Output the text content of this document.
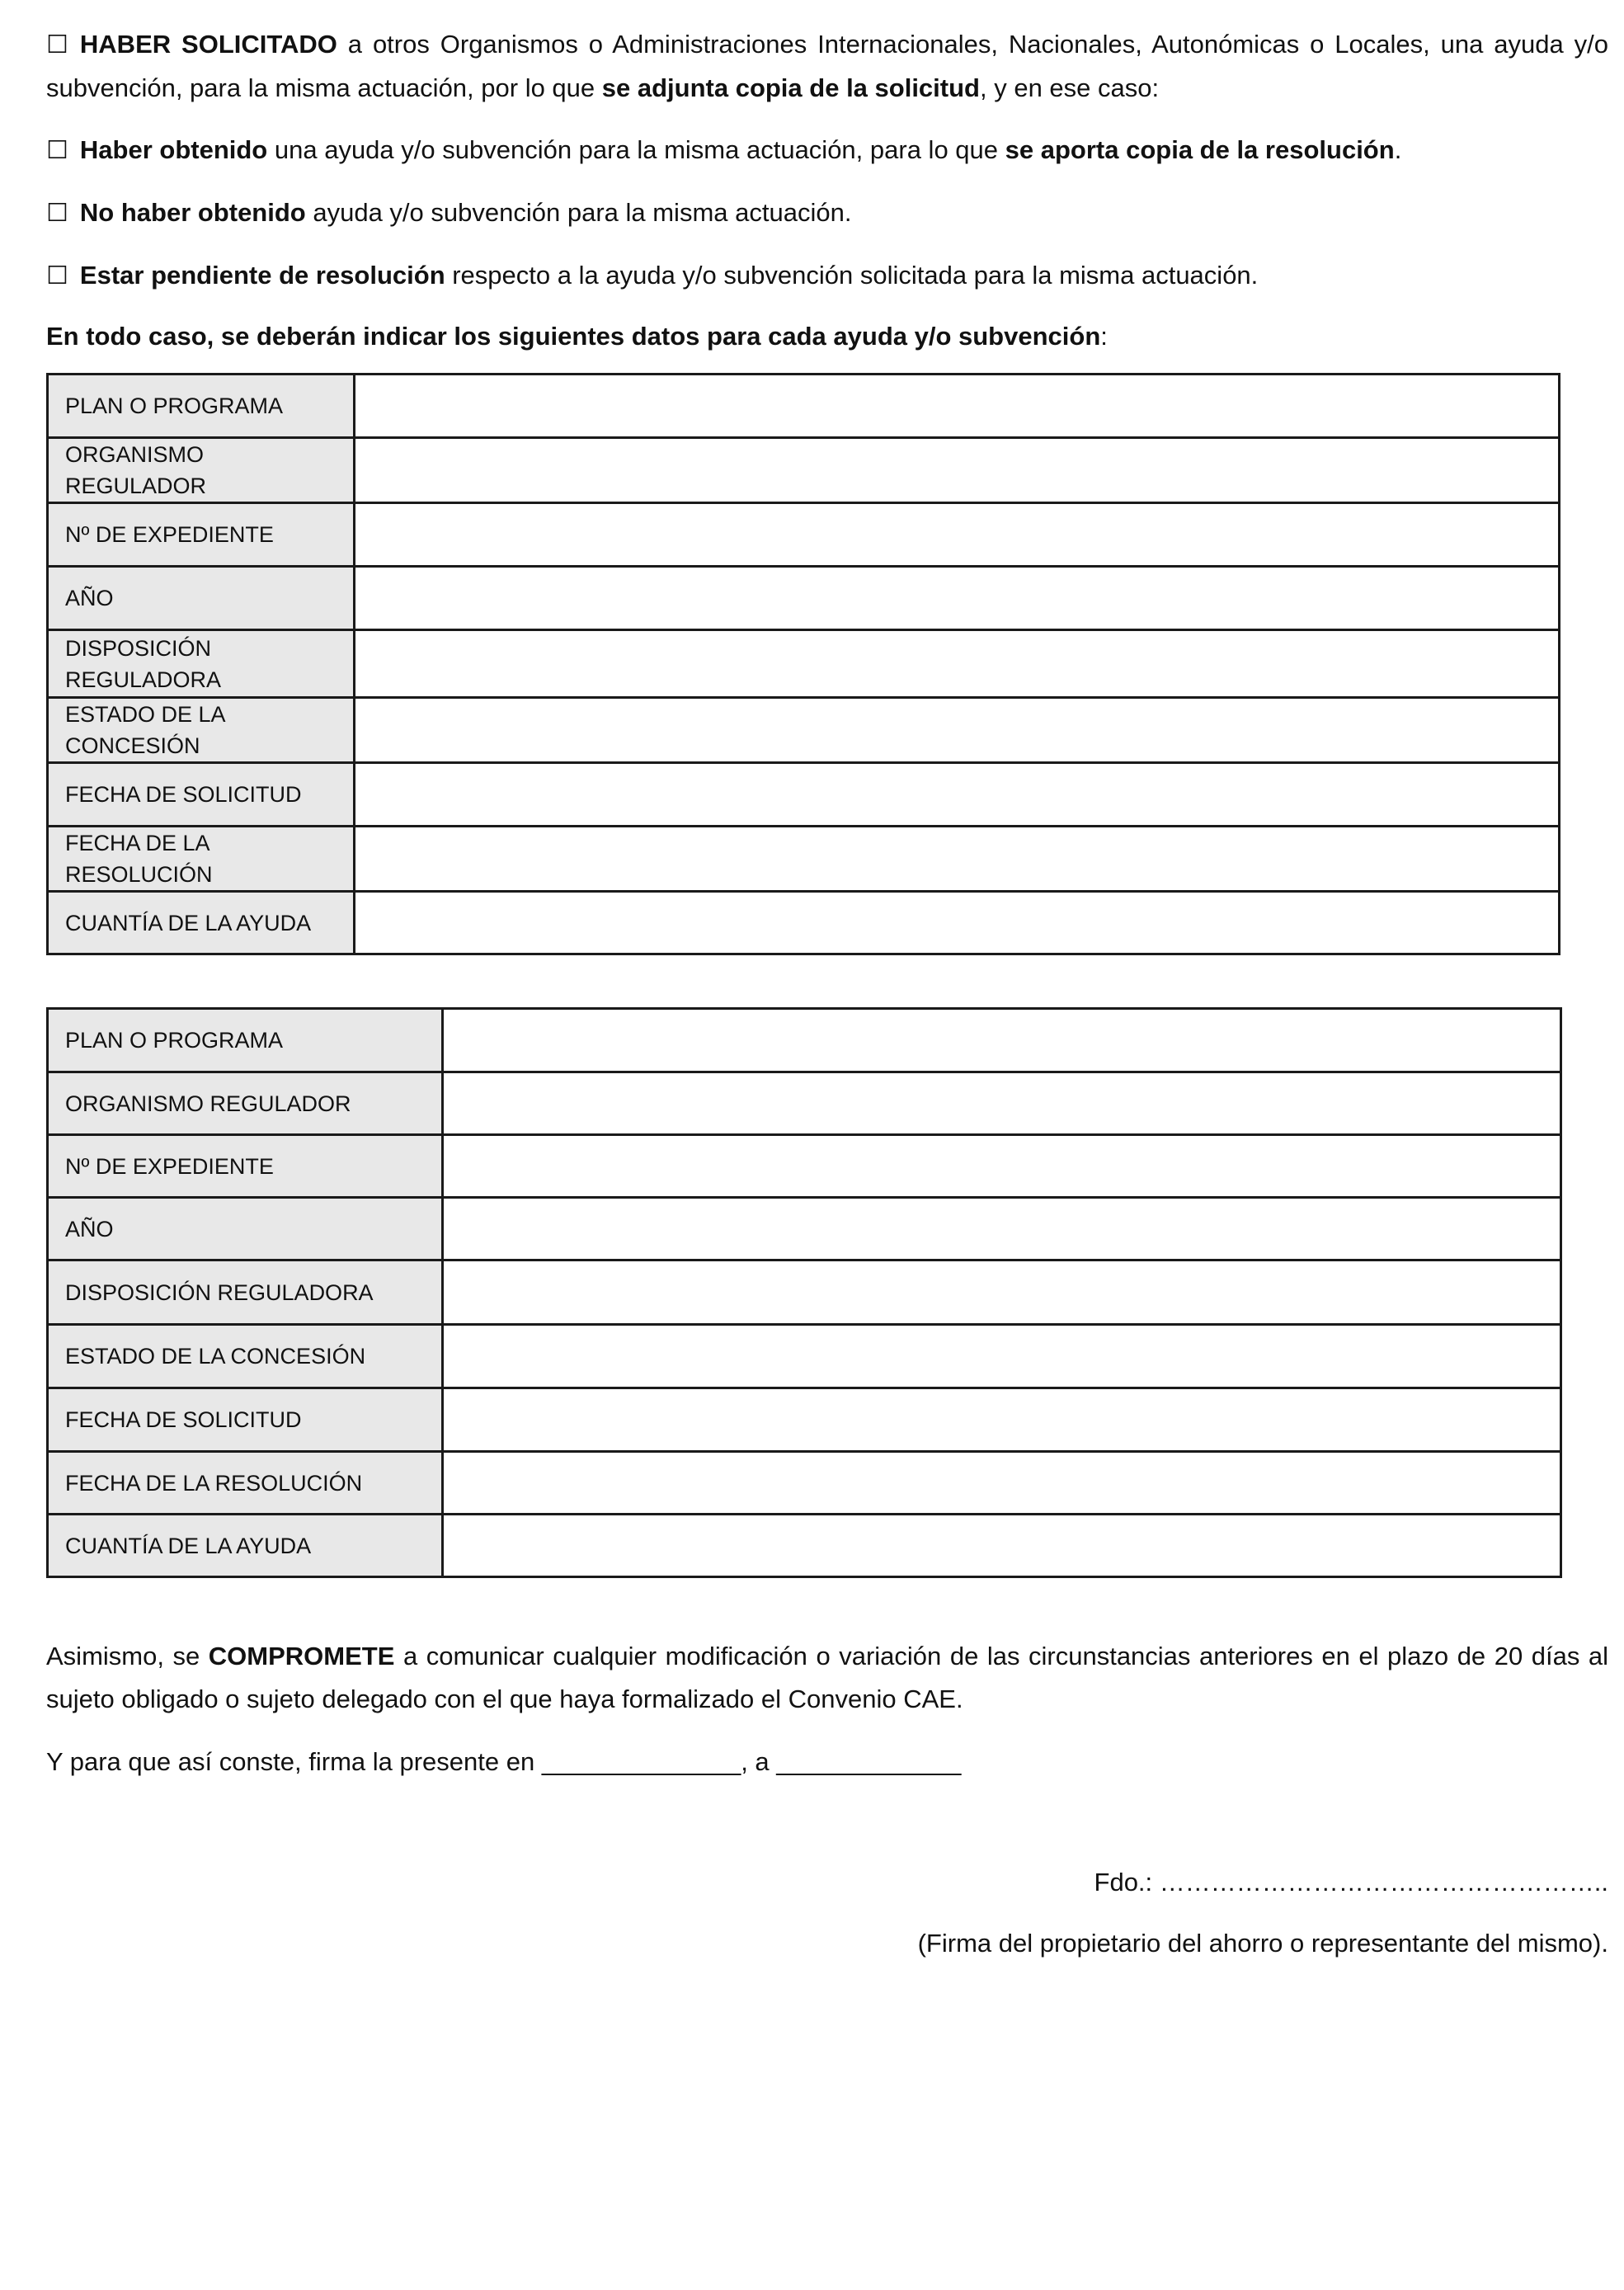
☐ HABER SOLICITADO a otros Organismos o Administraciones Internacionales, Nacionales, Autonómicas o Locales, una ayuda y/o subvención, para la misma actuación, por lo que se adjunta copia de la solicitud, y en ese caso:

☐ Haber obtenido una ayuda y/o subvención para la misma actuación, para lo que se aporta copia de la resolución.

☐ No haber obtenido ayuda y/o subvención para la misma actuación.

☐ Estar pendiente de resolución respecto a la ayuda y/o subvención solicitada para la misma actuación.

En todo caso, se deberán indicar los siguientes datos para cada ayuda y/o subvención:

PLAN O PROGRAMA	
ORGANISMO REGULADOR	
Nº DE EXPEDIENTE	
AÑO	
DISPOSICIÓN REGULADORA	
ESTADO DE LA CONCESIÓN	
FECHA DE SOLICITUD	
FECHA DE LA RESOLUCIÓN	
CUANTÍA DE LA AYUDA	
PLAN O PROGRAMA	
ORGANISMO REGULADOR	
Nº DE EXPEDIENTE	
AÑO	
DISPOSICIÓN REGULADORA	
ESTADO DE LA CONCESIÓN	
FECHA DE SOLICITUD	
FECHA DE LA RESOLUCIÓN	
CUANTÍA DE LA AYUDA	

Asimismo, se COMPROMETE a comunicar cualquier modificación o variación de las circunstancias anteriores en el plazo de 20 días al sujeto obligado o sujeto delegado con el que haya formalizado el Convenio CAE.

Y para que así conste, firma la presente en ______________, a _____________

Fdo.: ……………………………………………..

(Firma del propietario del ahorro o representante del mismo).
